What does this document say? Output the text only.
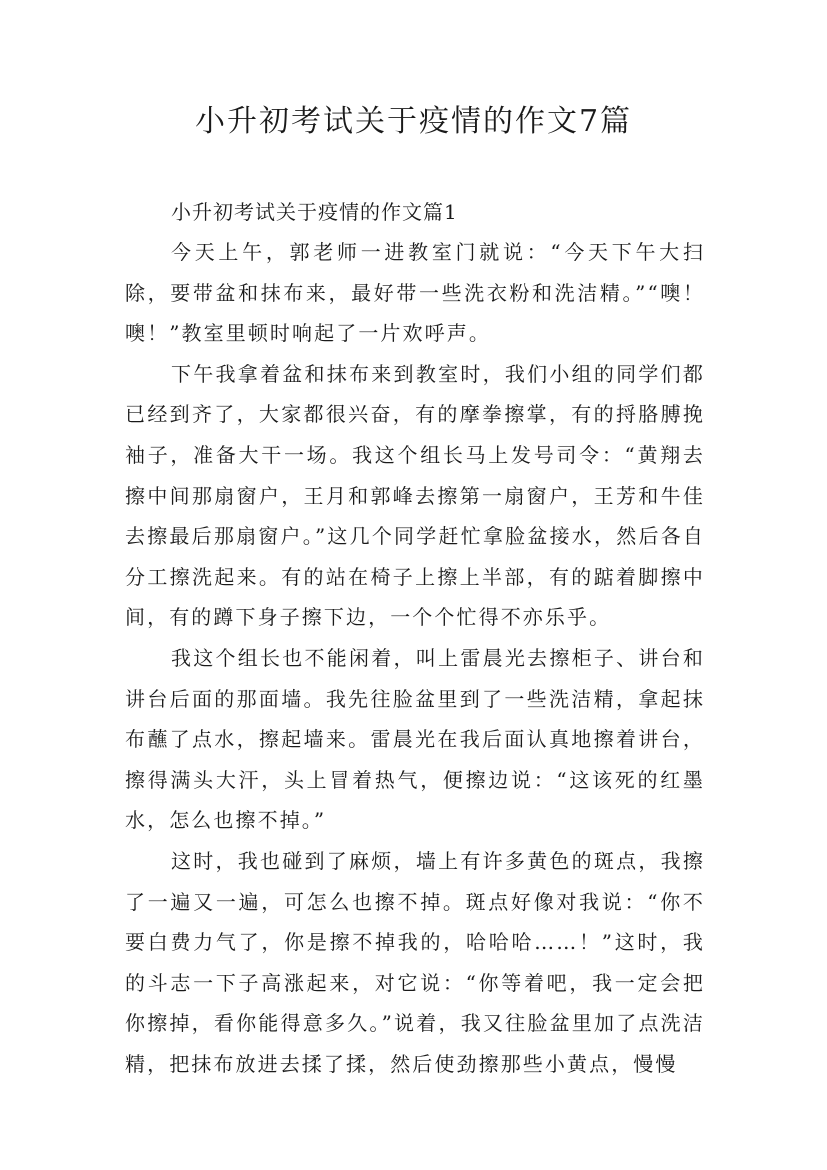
小升初考试关于疫情的作文7篇
小升初考试关于疫情的作文篇1

今天上午，郭老师一进教室门就说：“今天下午大扫除，要带盆和抹布来，最好带一些洗衣粉和洗洁精。”“噢！噢！”教室里顿时响起了一片欢呼声。

下午我拿着盆和抹布来到教室时，我们小组的同学们都已经到齐了，大家都很兴奋，有的摩拳擦掌，有的捋胳膊挽袖子，准备大干一场。我这个组长马上发号司令：“黄翔去擦中间那扇窗户，王月和郭峰去擦第一扇窗户，王芳和牛佳去擦最后那扇窗户。”这几个同学赶忙拿脸盆接水，然后各自分工擦洗起来。有的站在椅子上擦上半部，有的踮着脚擦中间，有的蹲下身子擦下边，一个个忙得不亦乐乎。

我这个组长也不能闲着，叫上雷晨光去擦柜子、讲台和讲台后面的那面墙。我先往脸盆里到了一些洗洁精，拿起抹布蘸了点水，擦起墙来。雷晨光在我后面认真地擦着讲台，擦得满头大汗，头上冒着热气，便擦边说：“这该死的红墨水，怎么也擦不掉。”

这时，我也碰到了麻烦，墙上有许多黄色的斑点，我擦了一遍又一遍，可怎么也擦不掉。斑点好像对我说：“你不要白费力气了，你是擦不掉我的，哈哈哈……！”这时，我的斗志一下子高涨起来，对它说：“你等着吧，我一定会把你擦掉，看你能得意多久。”说着，我又往脸盆里加了点洗洁精，把抹布放进去揉了揉，然后使劲擦那些小黄点，慢慢
